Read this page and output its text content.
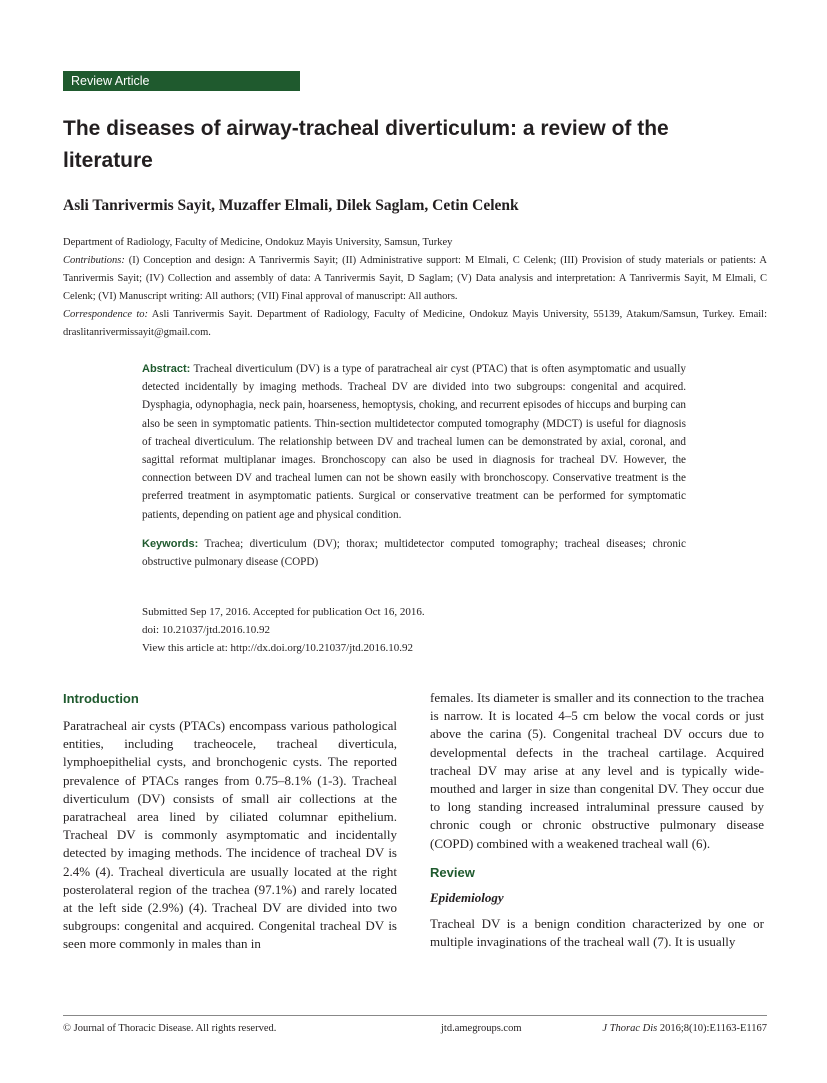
Review Article
The diseases of airway-tracheal diverticulum: a review of the literature

Asli Tanrivermis Sayit, Muzaffer Elmali, Dilek Saglam, Cetin Celenk

Department of Radiology, Faculty of Medicine, Ondokuz Mayis University, Samsun, Turkey

Contributions: (I) Conception and design: A Tanrivermis Sayit; (II) Administrative support: M Elmali, C Celenk; (III) Provision of study materials or patients: A Tanrivermis Sayit; (IV) Collection and assembly of data: A Tanrivermis Sayit, D Saglam; (V) Data analysis and interpretation: A Tanrivermis Sayit, M Elmali, C Celenk; (VI) Manuscript writing: All authors; (VII) Final approval of manuscript: All authors.

Correspondence to: Asli Tanrivermis Sayit. Department of Radiology, Faculty of Medicine, Ondokuz Mayis University, 55139, Atakum/Samsun, Turkey. Email: draslitanrivermissayit@gmail.com.

Abstract: Tracheal diverticulum (DV) is a type of paratracheal air cyst (PTAC) that is often asymptomatic and usually detected incidentally by imaging methods. Tracheal DV are divided into two subgroups: congenital and acquired. Dysphagia, odynophagia, neck pain, hoarseness, hemoptysis, choking, and recurrent episodes of hiccups and burping can also be seen in symptomatic patients. Thin-section multidetector computed tomography (MDCT) is useful for diagnosis of tracheal diverticulum. The relationship between DV and tracheal lumen can be demonstrated by axial, coronal, and sagittal reformat multiplanar images. Bronchoscopy can also be used in diagnosis for tracheal DV. However, the connection between DV and tracheal lumen can not be shown easily with bronchoscopy. Conservative treatment is the preferred treatment in asymptomatic patients. Surgical or conservative treatment can be performed for symptomatic patients, depending on patient age and physical condition.

Keywords: Trachea; diverticulum (DV); thorax; multidetector computed tomography; tracheal diseases; chronic obstructive pulmonary disease (COPD)

Submitted Sep 17, 2016. Accepted for publication Oct 16, 2016.
doi: 10.21037/jtd.2016.10.92
View this article at: http://dx.doi.org/10.21037/jtd.2016.10.92
Introduction

Paratracheal air cysts (PTACs) encompass various pathological entities, including tracheocele, tracheal diverticula, lymphoepithelial cysts, and bronchogenic cysts. The reported prevalence of PTACs ranges from 0.75–8.1% (1-3). Tracheal diverticulum (DV) consists of small air collections at the paratracheal area lined by ciliated columnar epithelium. Tracheal DV is commonly asymptomatic and incidentally detected by imaging methods. The incidence of tracheal DV is 2.4% (4). Tracheal diverticula are usually located at the right posterolateral region of the trachea (97.1%) and rarely located at the left side (2.9%) (4). Tracheal DV are divided into two subgroups: congenital and acquired. Congenital tracheal DV is seen more commonly in males than in

females. Its diameter is smaller and its connection to the trachea is narrow. It is located 4–5 cm below the vocal cords or just above the carina (5). Congenital tracheal DV occurs due to developmental defects in the tracheal cartilage. Acquired tracheal DV may arise at any level and is typically wide-mouthed and larger in size than congenital DV. They occur due to long standing increased intraluminal pressure caused by chronic cough or chronic obstructive pulmonary disease (COPD) combined with a weakened tracheal wall (6).

Review

Epidemiology

Tracheal DV is a benign condition characterized by one or multiple invaginations of the tracheal wall (7). It is usually

© Journal of Thoracic Disease. All rights reserved.	jtd.amegroups.com	J Thorac Dis 2016;8(10):E1163-E1167
